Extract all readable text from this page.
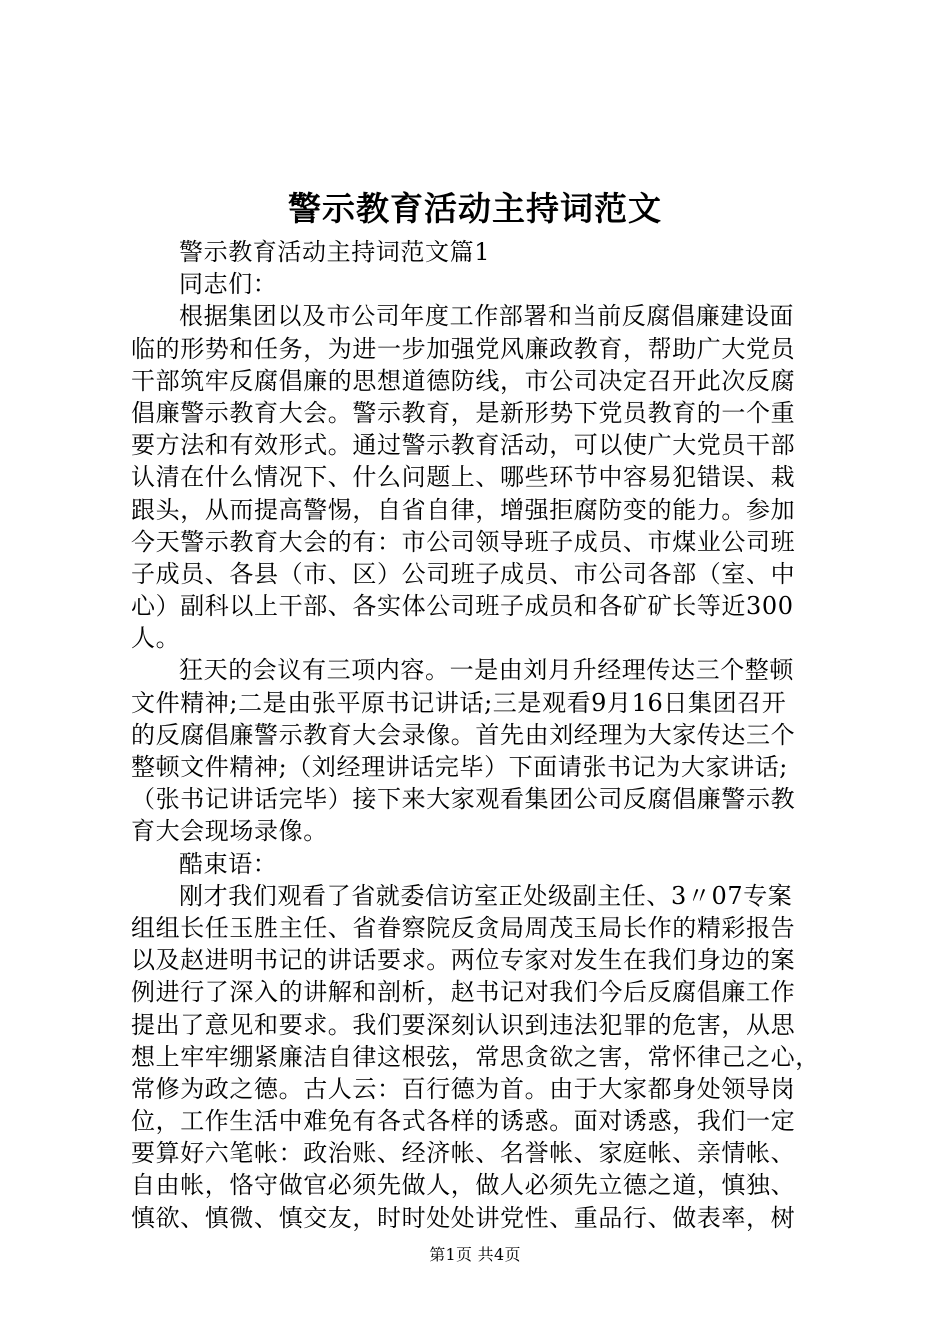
警示教育活动主持词范文
警示教育活动主持词范文篇1
同志们：
根据集团以及市公司年度工作部署和当前反腐倡廉建设面
临的形势和任务，为进一步加强党风廉政教育，帮助广大党员
干部筑牢反腐倡廉的思想道德防线，市公司决定召开此次反腐
倡廉警示教育大会。警示教育，是新形势下党员教育的一个重
要方法和有效形式。通过警示教育活动，可以使广大党员干部
认清在什么情况下、什么问题上、哪些环节中容易犯错误、栽
跟头，从而提高警惕，自省自律，增强拒腐防变的能力。参加
今天警示教育大会的有：市公司领导班子成员、市煤业公司班
子成员、各县（市、区）公司班子成员、市公司各部（室、中
心）副科以上干部、各实体公司班子成员和各矿矿长等近300
人。
狂天的会议有三项内容。一是由刘月升经理传达三个整顿
文件精神;二是由张平原书记讲话;三是观看9月16日集团召开
的反腐倡廉警示教育大会录像。首先由刘经理为大家传达三个
整顿文件精神;（刘经理讲话完毕）下面请张书记为大家讲话;
（张书记讲话完毕）接下来大家观看集团公司反腐倡廉警示教
育大会现场录像。
酷束语：
刚才我们观看了省就委信访室正处级副主任、3〃07专案
组组长任玉胜主任、省眷察院反贪局周茂玉局长作的精彩报告
以及赵进明书记的讲话要求。两位专家对发生在我们身边的案
例进行了深入的讲解和剖析，赵书记对我们今后反腐倡廉工作
提出了意见和要求。我们要深刻认识到违法犯罪的危害，从思
想上牢牢绷紧廉洁自律这根弦，常思贪欲之害，常怀律己之心，
常修为政之德。古人云：百行德为首。由于大家都身处领导岗
位，工作生活中难免有各式各样的诱惑。面对诱惑，我们一定
要算好六笔帐：政治账、经济帐、名誉帐、家庭帐、亲情帐、
自由帐，恪守做官必须先做人，做人必须先立德之道，慎独、
慎欲、慎微、慎交友，时时处处讲党性、重品行、做表率，树
第1页 共4页
